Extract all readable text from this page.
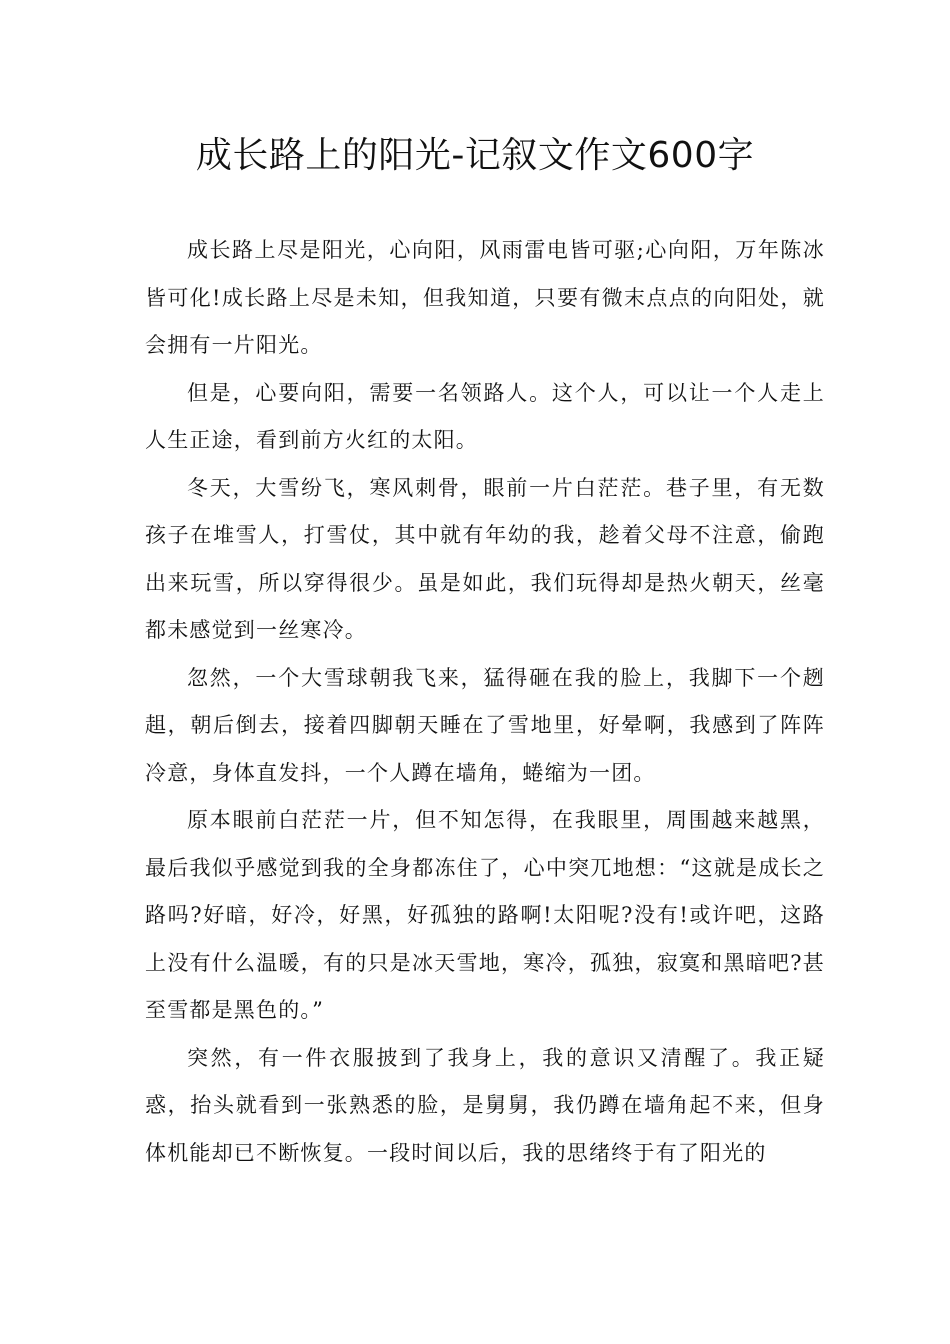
成长路上的阳光-记叙文作文600字

成长路上尽是阳光，心向阳，风雨雷电皆可驱;心向阳，万年陈冰皆可化!成长路上尽是未知，但我知道，只要有微末点点的向阳处，就会拥有一片阳光。

但是，心要向阳，需要一名领路人。这个人，可以让一个人走上人生正途，看到前方火红的太阳。

冬天，大雪纷飞，寒风刺骨，眼前一片白茫茫。巷子里，有无数孩子在堆雪人，打雪仗，其中就有年幼的我，趁着父母不注意，偷跑出来玩雪，所以穿得很少。虽是如此，我们玩得却是热火朝天，丝毫都未感觉到一丝寒冷。

忽然，一个大雪球朝我飞来，猛得砸在我的脸上，我脚下一个趔趄，朝后倒去，接着四脚朝天睡在了雪地里，好晕啊，我感到了阵阵冷意，身体直发抖，一个人蹲在墙角，蜷缩为一团。

原本眼前白茫茫一片，但不知怎得，在我眼里，周围越来越黑，最后我似乎感觉到我的全身都冻住了，心中突兀地想：“这就是成长之路吗?好暗，好冷，好黑，好孤独的路啊!太阳呢?没有!或许吧，这路上没有什么温暖，有的只是冰天雪地，寒冷，孤独，寂寞和黑暗吧?甚至雪都是黑色的。”

突然，有一件衣服披到了我身上，我的意识又清醒了。我正疑惑，抬头就看到一张熟悉的脸，是舅舅，我仍蹲在墙角起不来，但身体机能却已不断恢复。一段时间以后，我的思绪终于有了阳光的
